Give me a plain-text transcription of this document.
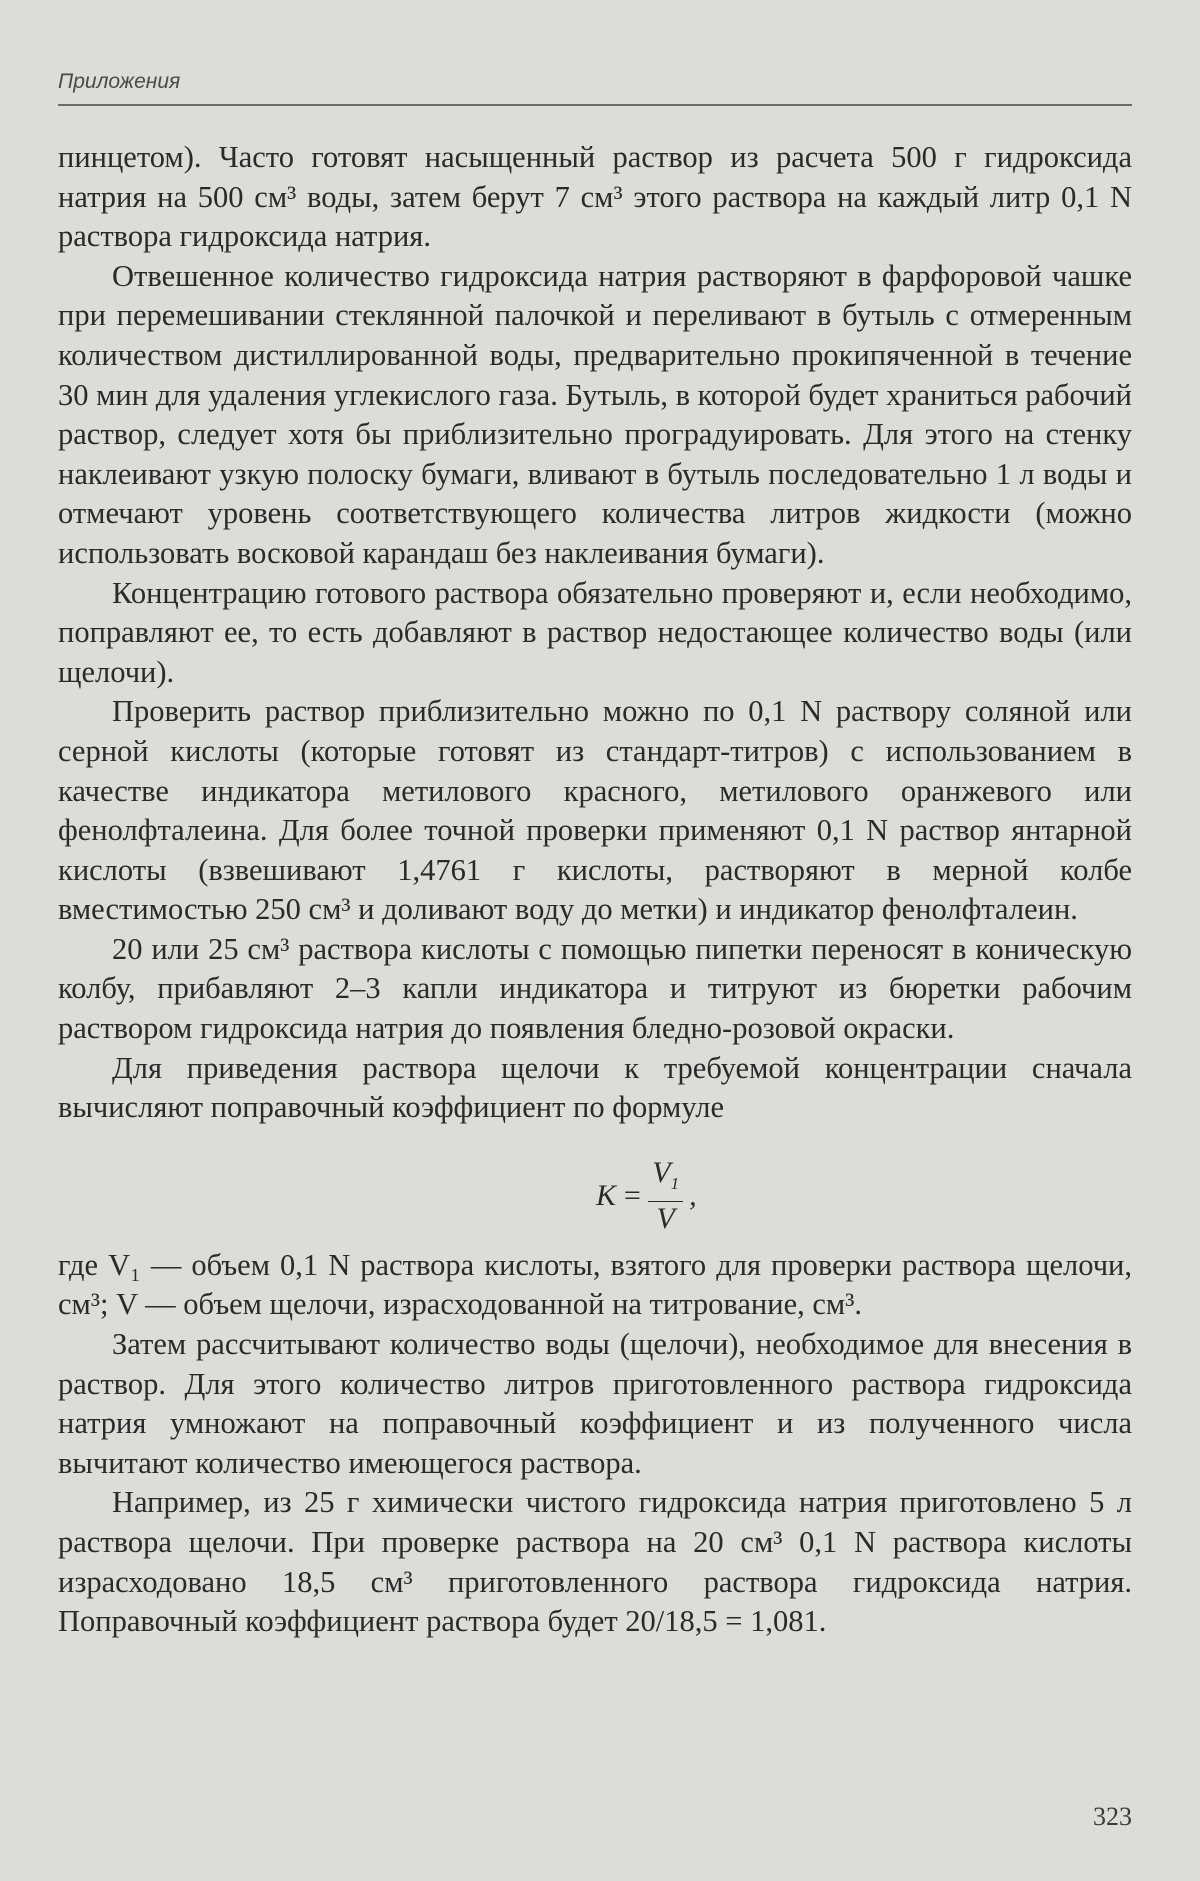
Приложения

пинцетом). Часто готовят насыщенный раствор из расчета 500 г гидроксида натрия на 500 см³ воды, затем берут 7 см³ этого раствора на каждый литр 0,1 N раствора гидроксида натрия.

Отвешенное количество гидроксида натрия растворяют в фарфоровой чашке при перемешивании стеклянной палочкой и переливают в бутыль с отмеренным количеством дистиллированной воды, предварительно прокипяченной в течение 30 мин для удаления углекислого газа. Бутыль, в которой будет храниться рабочий раствор, следует хотя бы приблизительно проградуировать. Для этого на стенку наклеивают узкую полоску бумаги, вливают в бутыль последовательно 1 л воды и отмечают уровень соответствующего количества литров жидкости (можно использовать восковой карандаш без наклеивания бумаги).

Концентрацию готового раствора обязательно проверяют и, если необходимо, поправляют ее, то есть добавляют в раствор недостающее количество воды (или щелочи).

Проверить раствор приблизительно можно по 0,1 N раствору соляной или серной кислоты (которые готовят из стандарт-титров) с использованием в качестве индикатора метилового красного, метилового оранжевого или фенолфталеина. Для более точной проверки применяют 0,1 N раствор янтарной кислоты (взвешивают 1,4761 г кислоты, растворяют в мерной колбе вместимостью 250 см³ и доливают воду до метки) и индикатор фенолфталеин.

20 или 25 см³ раствора кислоты с помощью пипетки переносят в коническую колбу, прибавляют 2–3 капли индикатора и титруют из бюретки рабочим раствором гидроксида натрия до появления бледно-розовой окраски.

Для приведения раствора щелочи к требуемой концентрации сначала вычисляют поправочный коэффициент по формуле

$K = \frac{V_1}{V}$ ,

где V₁ — объем 0,1 N раствора кислоты, взятого для проверки раствора щелочи, см³; V — объем щелочи, израсходованной на титрование, см³.

Затем рассчитывают количество воды (щелочи), необходимое для внесения в раствор. Для этого количество литров приготовленного раствора гидроксида натрия умножают на поправочный коэффициент и из полученного числа вычитают количество имеющегося раствора.

Например, из 25 г химически чистого гидроксида натрия приготовлено 5 л раствора щелочи. При проверке раствора на 20 см³ 0,1 N раствора кислоты израсходовано 18,5 см³ приготовленного раствора гидроксида натрия. Поправочный коэффициент раствора будет 20/18,5 = 1,081.

323
